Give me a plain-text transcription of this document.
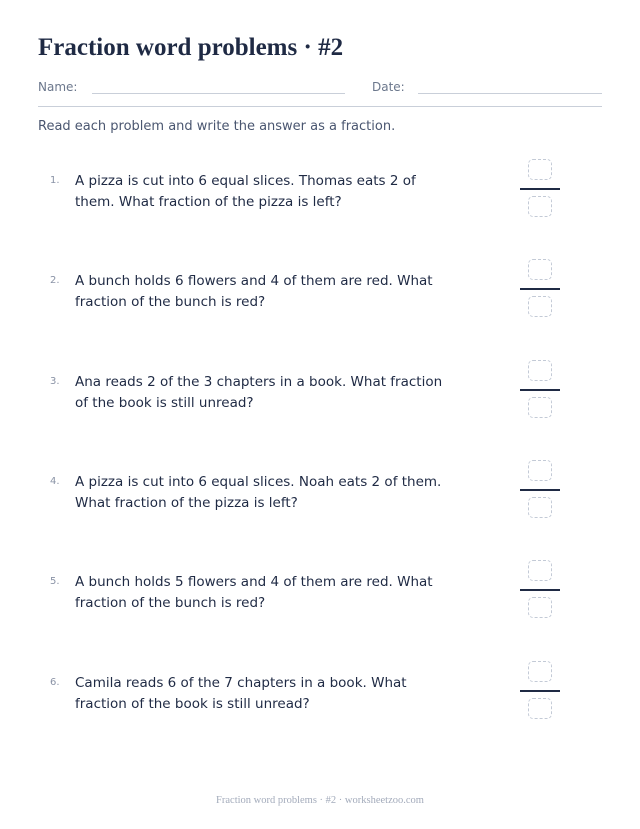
Fraction word problems · #2
Name:	Date:
Read each problem and write the answer as a fraction.
1.	A pizza is cut into 6 equal slices. Thomas eats 2 of them. What fraction of the pizza is left?
2.	A bunch holds 6 flowers and 4 of them are red. What fraction of the bunch is red?
3.	Ana reads 2 of the 3 chapters in a book. What fraction of the book is still unread?
4.	A pizza is cut into 6 equal slices. Noah eats 2 of them. What fraction of the pizza is left?
5.	A bunch holds 5 flowers and 4 of them are red. What fraction of the bunch is red?
6.	Camila reads 6 of the 7 chapters in a book. What fraction of the book is still unread?
Fraction word problems · #2 · worksheetzoo.com
